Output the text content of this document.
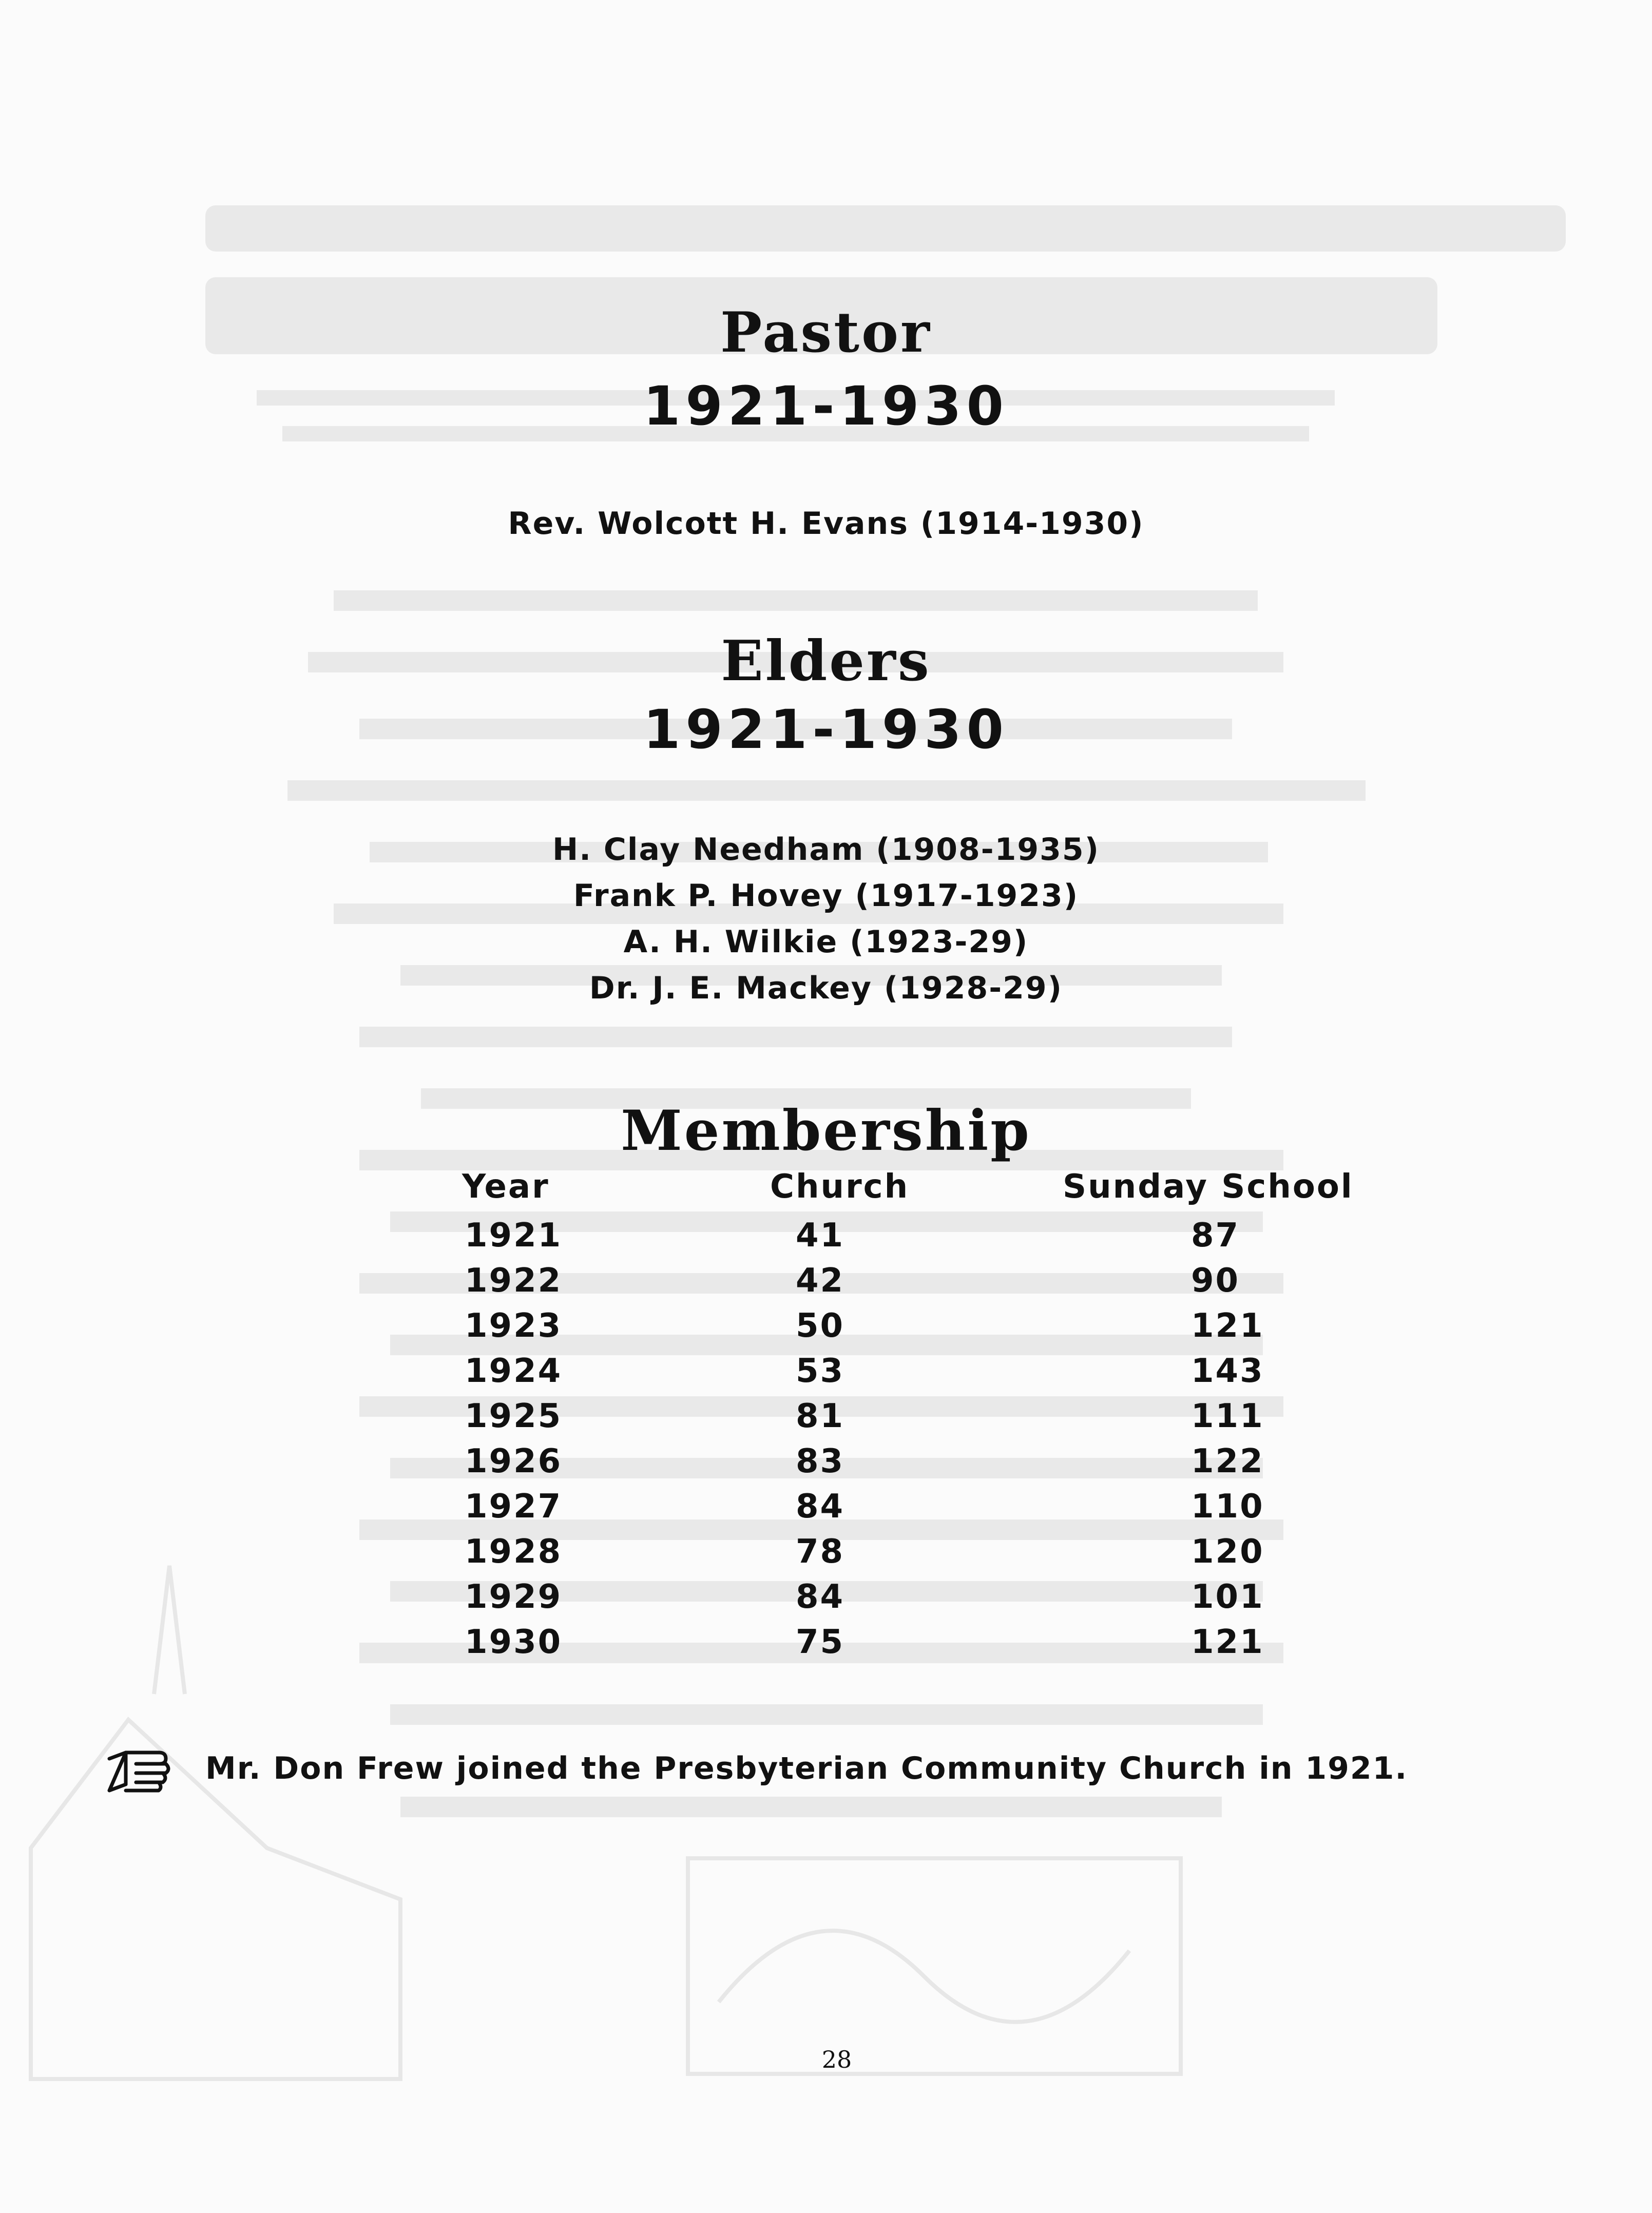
Pastor
1921-1930
Rev. Wolcott H. Evans (1914-1930)
Elders
1921-1930
H. Clay Needham (1908-1935)
Frank P. Hovey (1917-1923)
A. H. Wilkie (1923-29)
Dr. J. E. Mackey (1928-29)
Membership
Year	Church	Sunday School
1921	41	87
1922	42	90
1923	50	121
1924	53	143
1925	81	111
1926	83	122
1927	84	110
1928	78	120
1929	84	101
1930	75	121
Mr. Don Frew joined the Presbyterian Community Church in 1921.
28
